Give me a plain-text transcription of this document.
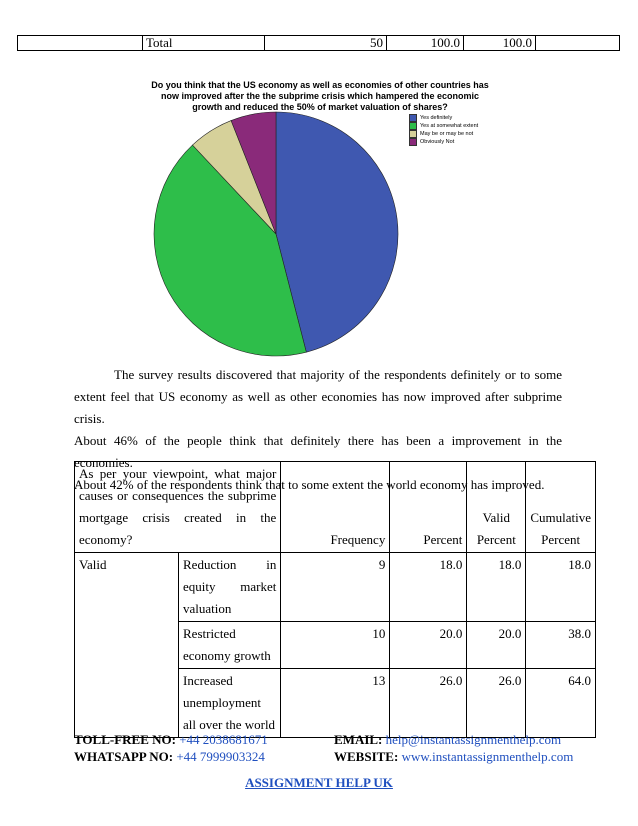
	Total	50	100.0	100.0	
Do you think that the US economy as well as economies of other countries has
now improved after the the subprime crisis which hampered the economic
growth and reduced the 50% of market valuation of shares?
Yes definitely
Yes at somewhat extent
May be or may be not
Obviously Not

The survey results discovered that majority of the respondents definitely or to some extent feel that US economy as well as other economies has now improved after subprime crisis.

About 46% of the people think that definitely there has been a improvement in the economies.

About 42% of the respondents think that to some extent the world economy has improved.

As per your viewpoint, what major causes or consequences the subprime mortgage crisis created in the economy?		Frequency	Percent	Valid Percent	Cumulative Percent
Valid	Reduction in equity market valuation	9	18.0	18.0	18.0
	Restricted economy growth	10	20.0	20.0	38.0
	Increased unemployment all over the world	13	26.0	26.0	64.0
TOLL-FREE NO: +44 2038681671	EMAIL: help@instantassignmenthelp.com
WHATSAPP NO: +44 7999903324	WEBSITE: www.instantassignmenthelp.com
ASSIGNMENT HELP UK
